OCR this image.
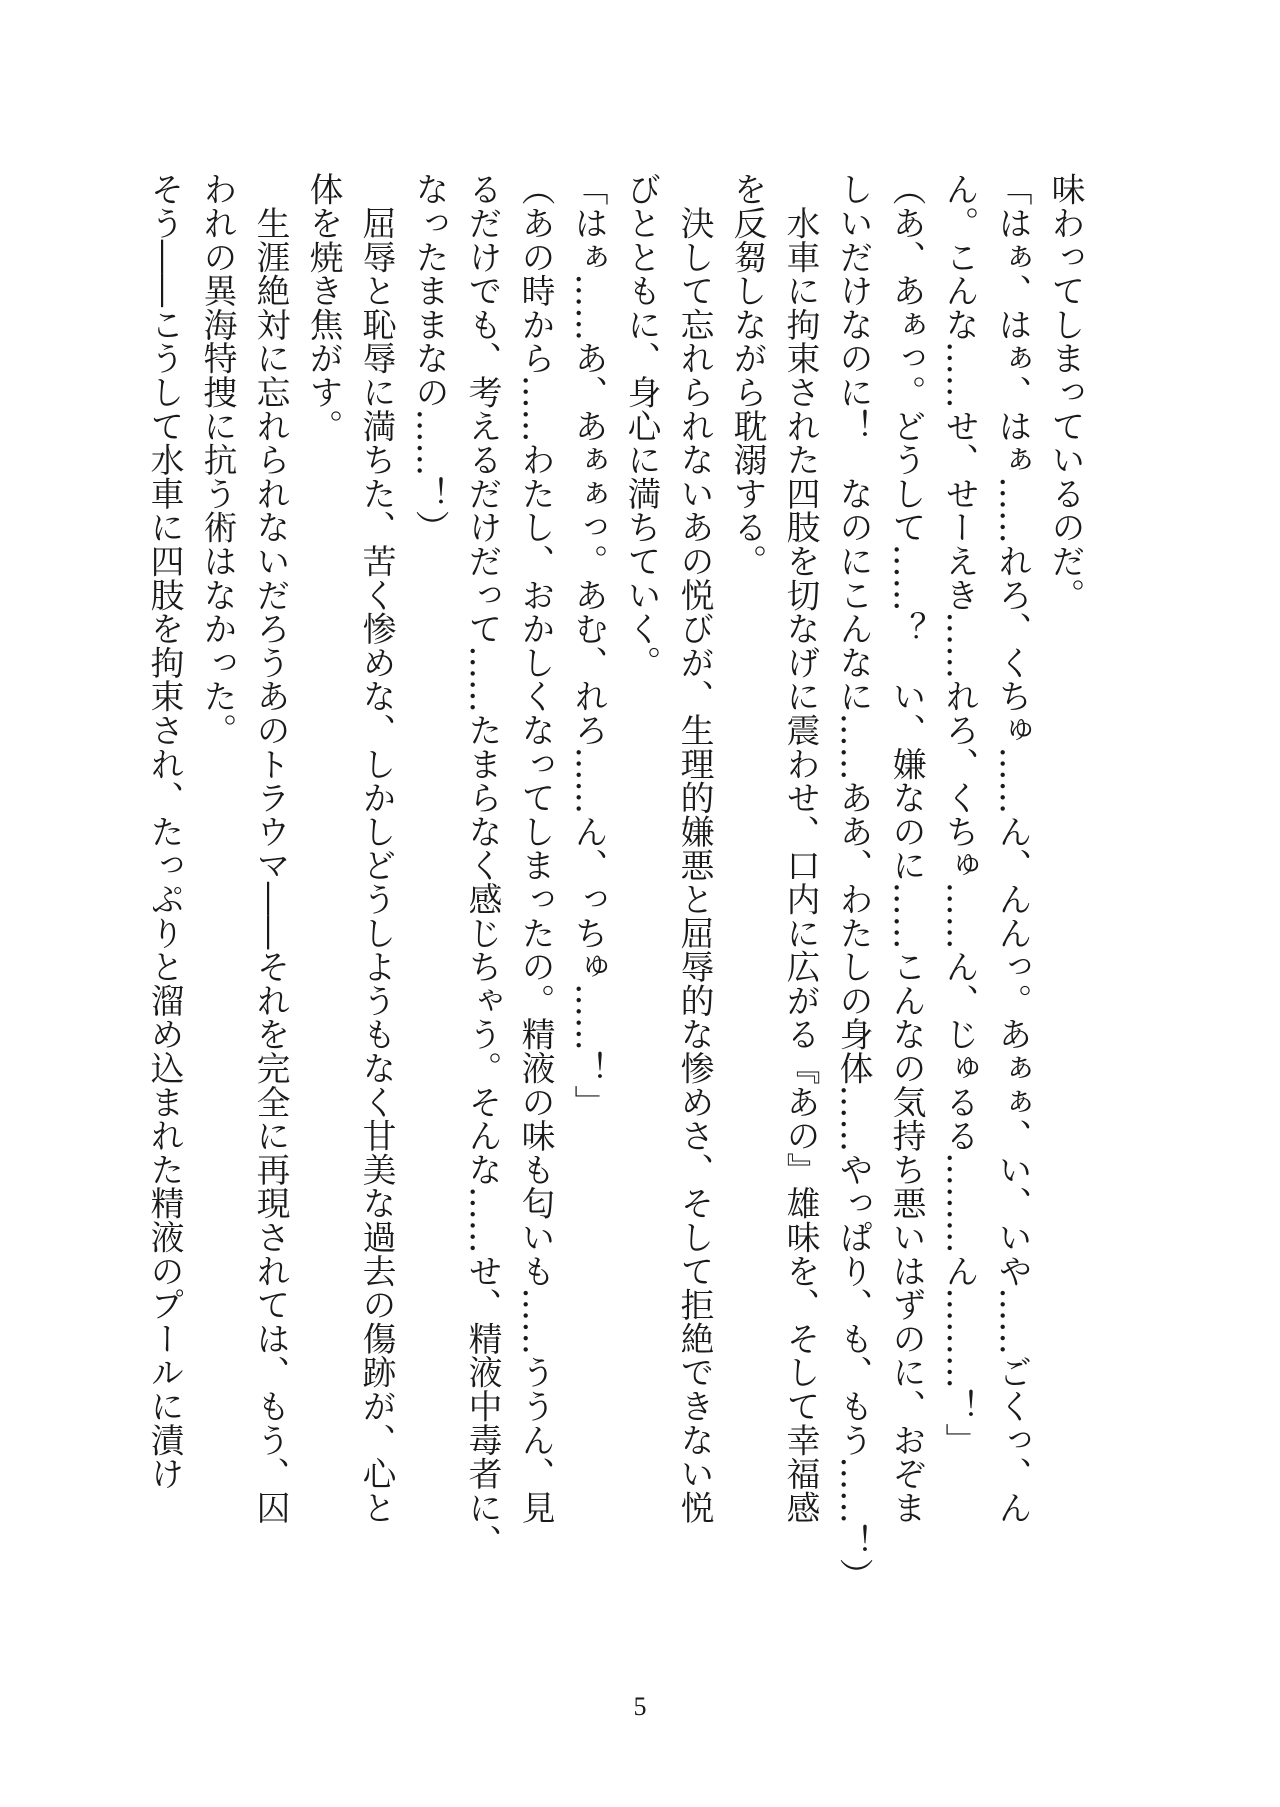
味わってしまっているのだ。
「はぁ、はぁ、はぁ……れろ、くちゅ……ん、んんっ。あぁぁ、い、いや……ごくっ、ん
ん。こんな……せ、せーえき……れろ、くちゅ……ん、じゅるる………ん………！」
（あ、あぁっ。どうして……？　い、嫌なのに……こんなの気持ち悪いはずのに、おぞま
しいだけなのに！　なのにこんなに……ああ、わたしの身体……やっぱり、も、もう……！）
　水車に拘束された四肢を切なげに震わせ、口内に広がる『あの』雄味を、そして幸福感
を反芻しながら耽溺する。
　決して忘れられないあの悦びが、生理的嫌悪と屈辱的な惨めさ、そして拒絶できない悦
びとともに、身心に満ちていく。
「はぁ……あ、あぁぁっ。あむ、れろ……ん、っちゅ……！」
（あの時から……わたし、おかしくなってしまったの。精液の味も匂いも……ううん、見
るだけでも、考えるだけだって……たまらなく感じちゃう。そんな……せ、精液中毒者に、
なったままなの……！）
　屈辱と恥辱に満ちた、苦く惨めな、しかしどうしようもなく甘美な過去の傷跡が、心と
体を焼き焦がす。
　生涯絶対に忘れられないだろうあのトラウマ――それを完全に再現されては、もう、囚
われの異海特捜に抗う術はなかった。
そう――こうして水車に四肢を拘束され、たっぷりと溜め込まれた精液のプールに漬け
5
